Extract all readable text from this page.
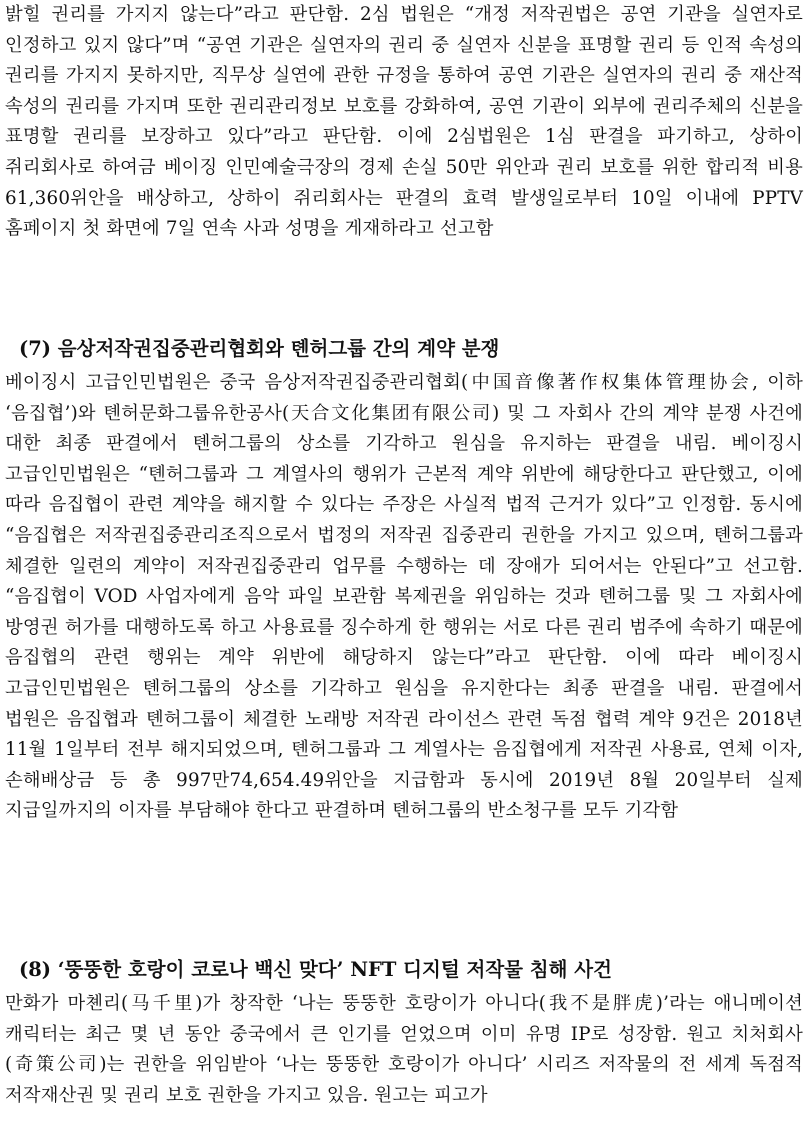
밝힐 권리를 가지지 않는다”라고 판단함. 2심 법원은 “개정 저작권법은 공연 기관을 실연자로 인정하고 있지 않다”며 “공연 기관은 실연자의 권리 중 실연자 신분을 표명할 권리 등 인적 속성의 권리를 가지지 못하지만, 직무상 실연에 관한 규정을 통하여 공연 기관은 실연자의 권리 중 재산적 속성의 권리를 가지며 또한 권리관리정보 보호를 강화하여, 공연 기관이 외부에 권리주체의 신분을 표명할 권리를 보장하고 있다”라고 판단함. 이에 2심법원은 1심 판결을 파기하고, 상하이 쥐리회사로 하여금 베이징 인민예술극장의 경제 손실 50만 위안과 권리 보호를 위한 합리적 비용 61,360위안을 배상하고, 상하이 쥐리회사는 판결의 효력 발생일로부터 10일 이내에 PPTV 홈페이지 첫 화면에 7일 연속 사과 성명을 게재하라고 선고함

(7) 음상저작권집중관리협회와 톈허그룹 간의 계약 분쟁

베이징시 고급인민법원은 중국 음상저작권집중관리협회(中国音像著作权集体管理协会, 이하 ‘음집협’)와 톈허문화그룹유한공사(天合文化集团有限公司) 및 그 자회사 간의 계약 분쟁 사건에 대한 최종 판결에서 톈허그룹의 상소를 기각하고 원심을 유지하는 판결을 내림. 베이징시 고급인민법원은 “톈허그룹과 그 계열사의 행위가 근본적 계약 위반에 해당한다고 판단했고, 이에 따라 음집협이 관련 계약을 해지할 수 있다는 주장은 사실적 법적 근거가 있다”고 인정함. 동시에 “음집협은 저작권집중관리조직으로서 법정의 저작권 집중관리 권한을 가지고 있으며, 톈허그룹과 체결한 일련의 계약이 저작권집중관리 업무를 수행하는 데 장애가 되어서는 안된다”고 선고함. “음집협이 VOD 사업자에게 음악 파일 보관함 복제권을 위임하는 것과 톈허그룹 및 그 자회사에 방영권 허가를 대행하도록 하고 사용료를 징수하게 한 행위는 서로 다른 권리 범주에 속하기 때문에 음집협의 관련 행위는 계약 위반에 해당하지 않는다”라고 판단함. 이에 따라 베이징시 고급인민법원은 톈허그룹의 상소를 기각하고 원심을 유지한다는 최종 판결을 내림. 판결에서 법원은 음집협과 톈허그룹이 체결한 노래방 저작권 라이선스 관련 독점 협력 계약 9건은 2018년 11월 1일부터 전부 해지되었으며, 톈허그룹과 그 계열사는 음집협에게 저작권 사용료, 연체 이자, 손해배상금 등 총 997만74,654.49위안을 지급함과 동시에 2019년 8월 20일부터 실제 지급일까지의 이자를 부담해야 한다고 판결하며 톈허그룹의 반소청구를 모두 기각함

(8) ‘뚱뚱한 호랑이 코로나 백신 맞다’ NFT 디지털 저작물 침해 사건

만화가 마쳰리(马千里)가 창작한 ‘나는 뚱뚱한 호랑이가 아니다(我不是胖虎)’라는 애니메이션 캐릭터는 최근 몇 년 동안 중국에서 큰 인기를 얻었으며 이미 유명 IP로 성장함. 원고 치처회사(奇策公司)는 권한을 위임받아 ‘나는 뚱뚱한 호랑이가 아니다’ 시리즈 저작물의 전 세계 독점적 저작재산권 및 권리 보호 권한을 가지고 있음. 원고는 피고가
